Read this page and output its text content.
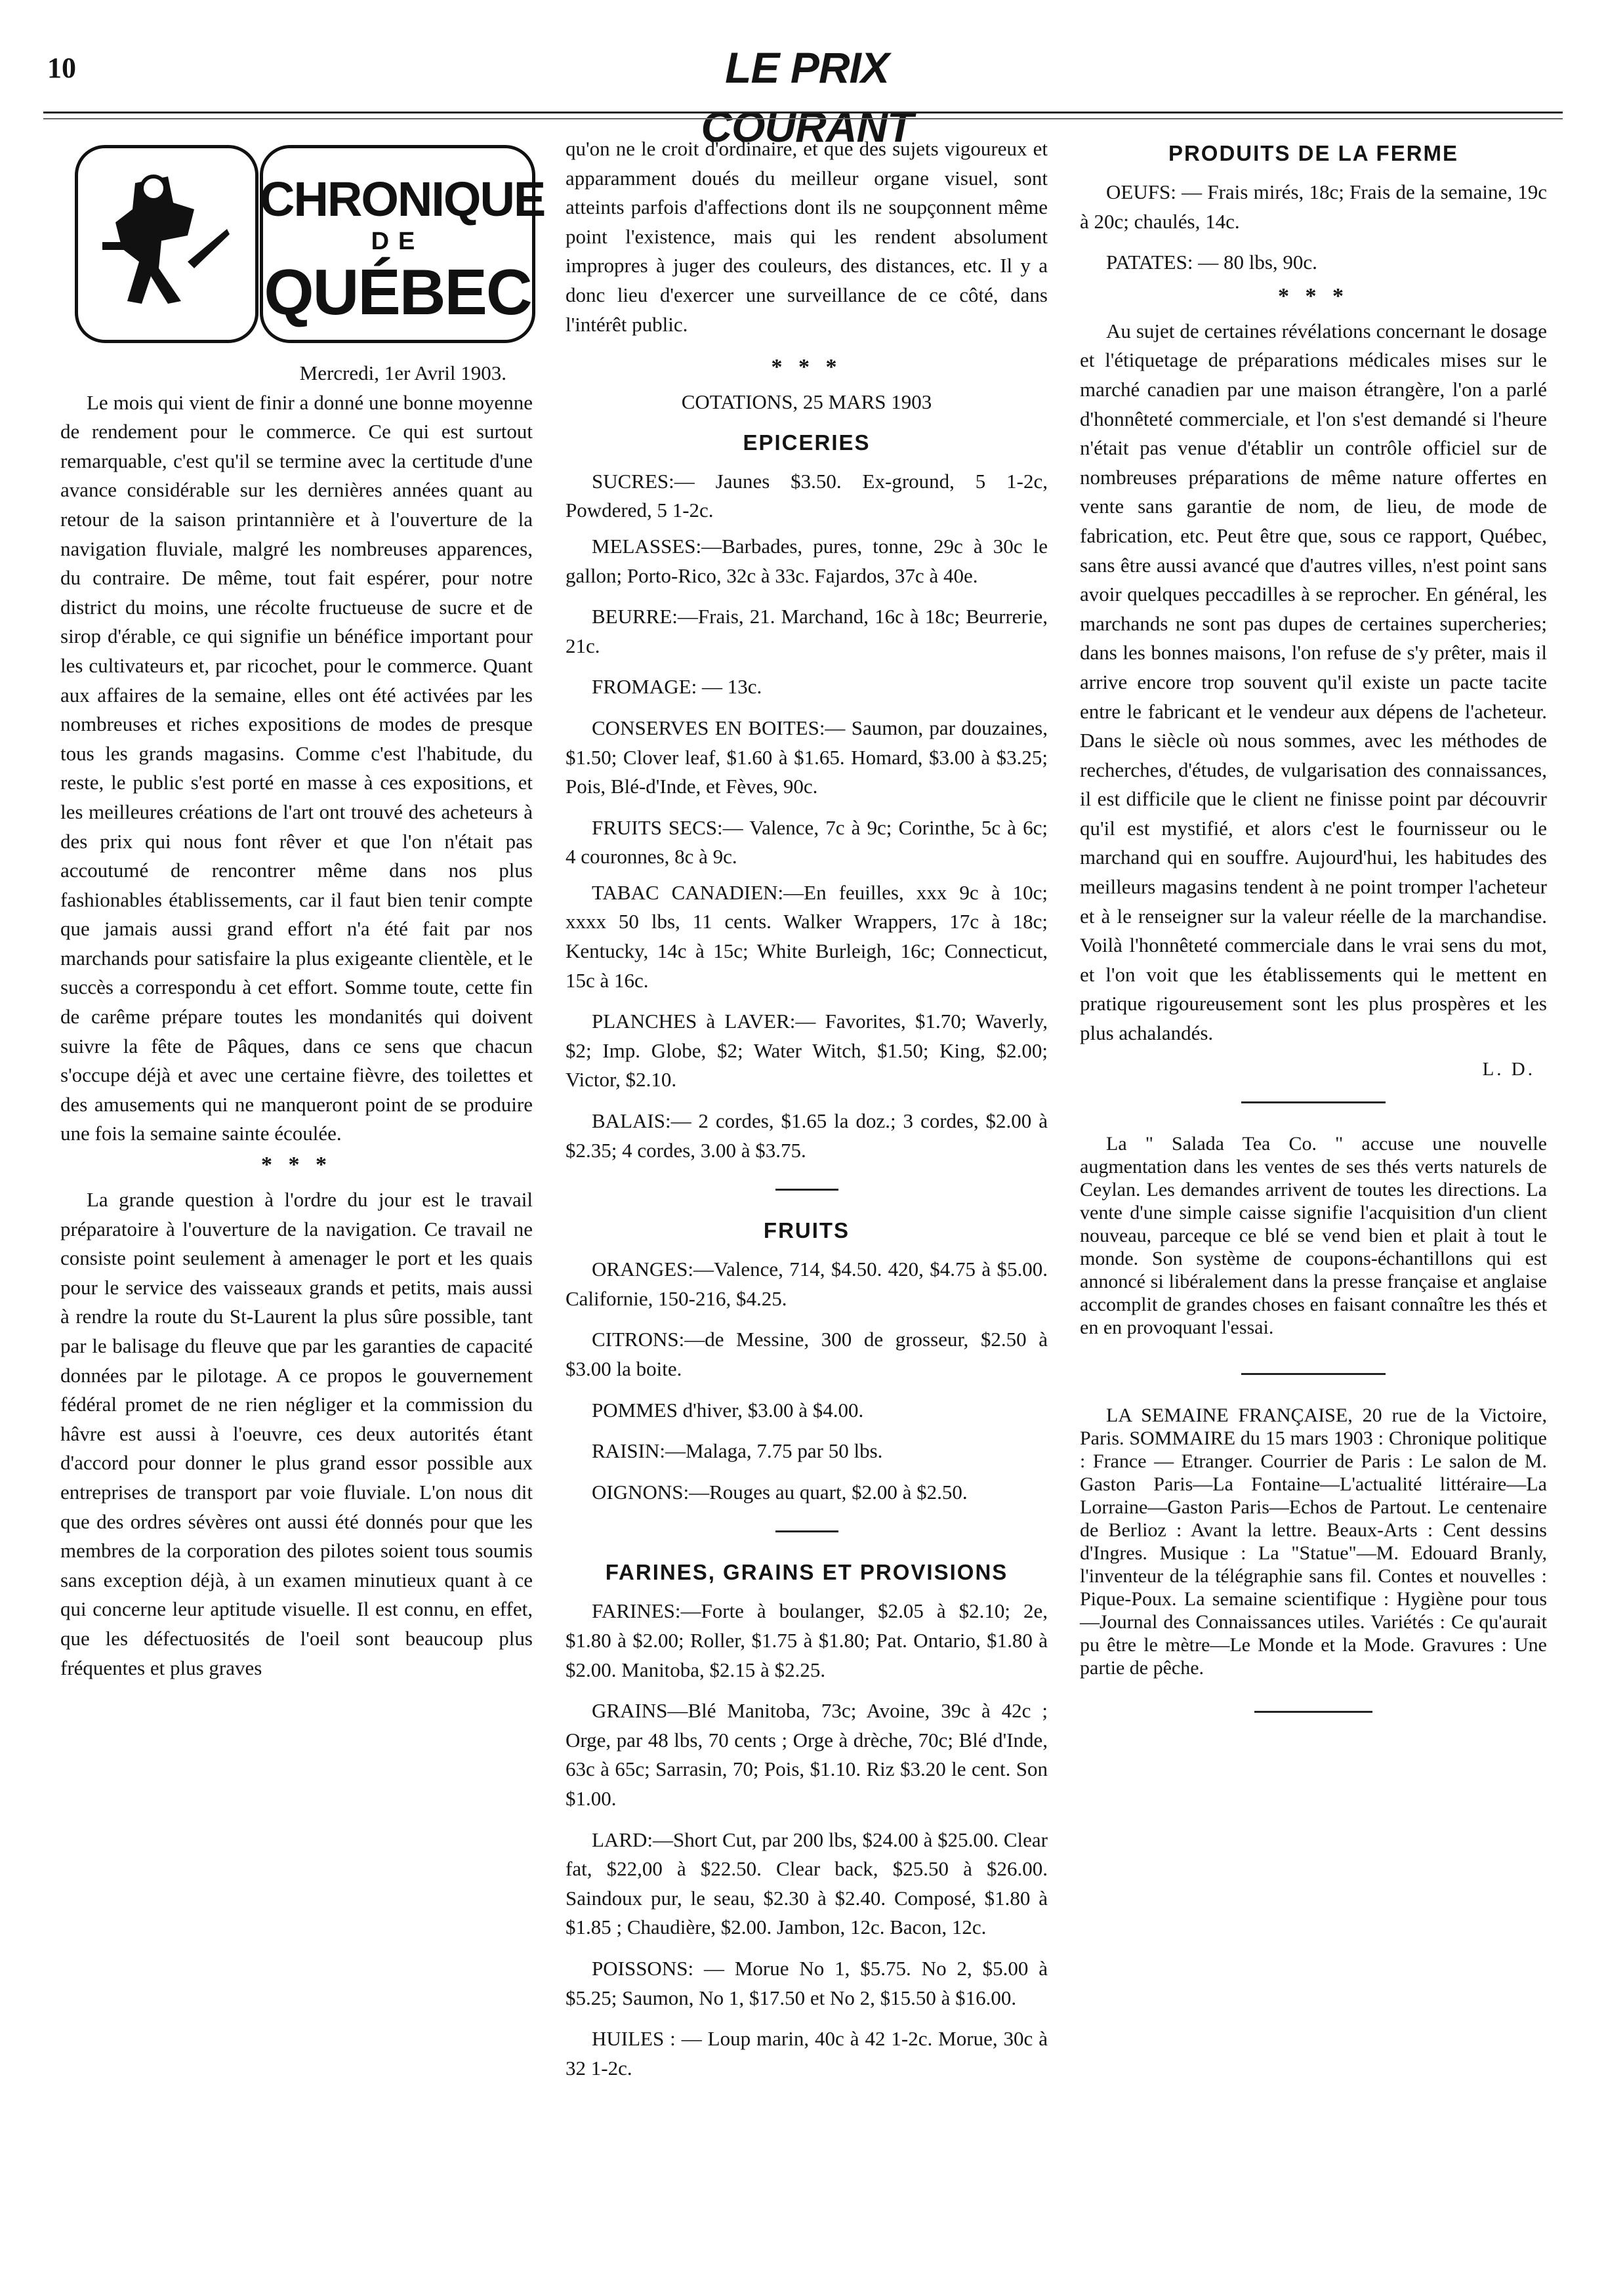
10	LE PRIX COURANT
CHRONIQUE
DE
QUÉBEC

Mercredi, 1er Avril 1903.

Le mois qui vient de finir a donné une bonne moyenne de rendement pour le commerce. Ce qui est surtout remarquable, c'est qu'il se termine avec la certitude d'une avance considérable sur les dernières années quant au retour de la saison printannière et à l'ouverture de la navigation fluviale, malgré les nombreuses apparences, du contraire. De même, tout fait espérer, pour notre district du moins, une récolte fructueuse de sucre et de sirop d'érable, ce qui signifie un bénéfice important pour les cultivateurs et, par ricochet, pour le commerce. Quant aux affaires de la semaine, elles ont été activées par les nombreuses et riches expositions de modes de presque tous les grands magasins. Comme c'est l'habitude, du reste, le public s'est porté en masse à ces expositions, et les meilleures créations de l'art ont trouvé des acheteurs à des prix qui nous font rêver et que l'on n'était pas accoutumé de rencontrer même dans nos plus fashionables établissements, car il faut bien tenir compte que jamais aussi grand effort n'a été fait par nos marchands pour satisfaire la plus exigeante clientèle, et le succès a correspondu à cet effort. Somme toute, cette fin de carême prépare toutes les mondanités qui doivent suivre la fête de Pâques, dans ce sens que chacun s'occupe déjà et avec une certaine fièvre, des toilettes et des amusements qui ne manqueront point de se produire une fois la semaine sainte écoulée.

* * *

La grande question à l'ordre du jour est le travail préparatoire à l'ouverture de la navigation. Ce travail ne consiste point seulement à amenager le port et les quais pour le service des vaisseaux grands et petits, mais aussi à rendre la route du St-Laurent la plus sûre possible, tant par le balisage du fleuve que par les garanties de capacité données par le pilotage. A ce propos le gouvernement fédéral promet de ne rien négliger et la commission du hâvre est aussi à l'oeuvre, ces deux autorités étant d'accord pour donner le plus grand essor possible aux entreprises de transport par voie fluviale. L'on nous dit que des ordres sévères ont aussi été donnés pour que les membres de la corporation des pilotes soient tous soumis sans exception déjà, à un examen minutieux quant à ce qui concerne leur aptitude visuelle. Il est connu, en effet, que les défectuosités de l'oeil sont beaucoup plus fréquentes et plus graves

qu'on ne le croit d'ordinaire, et que des sujets vigoureux et apparamment doués du meilleur organe visuel, sont atteints parfois d'affections dont ils ne soupçonnent même point l'existence, mais qui les rendent absolument impropres à juger des couleurs, des distances, etc. Il y a donc lieu d'exercer une surveillance de ce côté, dans l'intérêt public.

* * *

COTATIONS, 25 MARS 1903

EPICERIES

SUCRES:— Jaunes $3.50. Ex-ground, 5 1-2c, Powdered, 5 1-2c.

MELASSES:—Barbades, pures, tonne, 29c à 30c le gallon; Porto-Rico, 32c à 33c. Fajardos, 37c à 40e.

BEURRE:—Frais, 21. Marchand, 16c à 18c; Beurrerie, 21c.

FROMAGE: — 13c.

CONSERVES EN BOITES:— Saumon, par douzaines, $1.50; Clover leaf, $1.60 à $1.65. Homard, $3.00 à $3.25; Pois, Blé-d'Inde, et Fèves, 90c.

FRUITS SECS:— Valence, 7c à 9c; Corinthe, 5c à 6c; 4 couronnes, 8c à 9c.

TABAC CANADIEN:—En feuilles, xxx 9c à 10c; xxxx 50 lbs, 11 cents. Walker Wrappers, 17c à 18c; Kentucky, 14c à 15c; White Burleigh, 16c; Connecticut, 15c à 16c.

PLANCHES à LAVER:— Favorites, $1.70; Waverly, $2; Imp. Globe, $2; Water Witch, $1.50; King, $2.00; Victor, $2.10.

BALAIS:— 2 cordes, $1.65 la doz.; 3 cordes, $2.00 à $2.35; 4 cordes, 3.00 à $3.75.

FRUITS

ORANGES:—Valence, 714, $4.50. 420, $4.75 à $5.00. Californie, 150-216, $4.25.

CITRONS:—de Messine, 300 de grosseur, $2.50 à $3.00 la boite.

POMMES d'hiver, $3.00 à $4.00.

RAISIN:—Malaga, 7.75 par 50 lbs.

OIGNONS:—Rouges au quart, $2.00 à $2.50.

FARINES, GRAINS ET PROVISIONS

FARINES:—Forte à boulanger, $2.05 à $2.10; 2e, $1.80 à $2.00; Roller, $1.75 à $1.80; Pat. Ontario, $1.80 à $2.00. Manitoba, $2.15 à $2.25.

GRAINS—Blé Manitoba, 73c; Avoine, 39c à 42c ; Orge, par 48 lbs, 70 cents ; Orge à drèche, 70c; Blé d'Inde, 63c à 65c; Sarrasin, 70; Pois, $1.10. Riz $3.20 le cent. Son $1.00.

LARD:—Short Cut, par 200 lbs, $24.00 à $25.00. Clear fat, $22,00 à $22.50. Clear back, $25.50 à $26.00. Saindoux pur, le seau, $2.30 à $2.40. Composé, $1.80 à $1.85 ; Chaudière, $2.00. Jambon, 12c. Bacon, 12c.

POISSONS: — Morue No 1, $5.75. No 2, $5.00 à $5.25; Saumon, No 1, $17.50 et No 2, $15.50 à $16.00.

HUILES : — Loup marin, 40c à 42 1-2c. Morue, 30c à 32 1-2c.

PRODUITS DE LA FERME

OEUFS: — Frais mirés, 18c; Frais de la semaine, 19c à 20c; chaulés, 14c.

PATATES: — 80 lbs, 90c.

* * *

Au sujet de certaines révélations concernant le dosage et l'étiquetage de préparations médicales mises sur le marché canadien par une maison étrangère, l'on a parlé d'honnêteté commerciale, et l'on s'est demandé si l'heure n'était pas venue d'établir un contrôle officiel sur de nombreuses préparations de même nature offertes en vente sans garantie de nom, de lieu, de mode de fabrication, etc. Peut être que, sous ce rapport, Québec, sans être aussi avancé que d'autres villes, n'est point sans avoir quelques peccadilles à se reprocher. En général, les marchands ne sont pas dupes de certaines supercheries; dans les bonnes maisons, l'on refuse de s'y prêter, mais il arrive encore trop souvent qu'il existe un pacte tacite entre le fabricant et le vendeur aux dépens de l'acheteur. Dans le siècle où nous sommes, avec les méthodes de recherches, d'études, de vulgarisation des connaissances, il est difficile que le client ne finisse point par découvrir qu'il est mystifié, et alors c'est le fournisseur ou le marchand qui en souffre. Aujourd'hui, les habitudes des meilleurs magasins tendent à ne point tromper l'acheteur et à le renseigner sur la valeur réelle de la marchandise. Voilà l'honnêteté commerciale dans le vrai sens du mot, et l'on voit que les établissements qui le mettent en pratique rigoureusement sont les plus prospères et les plus achalandés.

L. D.

La " Salada Tea Co. " accuse une nouvelle augmentation dans les ventes de ses thés verts naturels de Ceylan. Les demandes arrivent de toutes les directions. La vente d'une simple caisse signifie l'acquisition d'un client nouveau, parceque ce blé se vend bien et plait à tout le monde. Son système de coupons-échantillons qui est annoncé si libéralement dans la presse française et anglaise accomplit de grandes choses en faisant connaître les thés et en en provoquant l'essai.

LA SEMAINE FRANÇAISE, 20 rue de la Victoire, Paris. SOMMAIRE du 15 mars 1903 : Chronique politique : France — Etranger. Courrier de Paris : Le salon de M. Gaston Paris—La Fontaine—L'actualité littéraire—La Lorraine—Gaston Paris—Echos de Partout. Le centenaire de Berlioz : Avant la lettre. Beaux-Arts : Cent dessins d'Ingres. Musique : La "Statue"—M. Edouard Branly, l'inventeur de la télégraphie sans fil. Contes et nouvelles : Pique-Poux. La semaine scientifique : Hygiène pour tous—Journal des Connaissances utiles. Variétés : Ce qu'aurait pu être le mètre—Le Monde et la Mode. Gravures : Une partie de pêche.
